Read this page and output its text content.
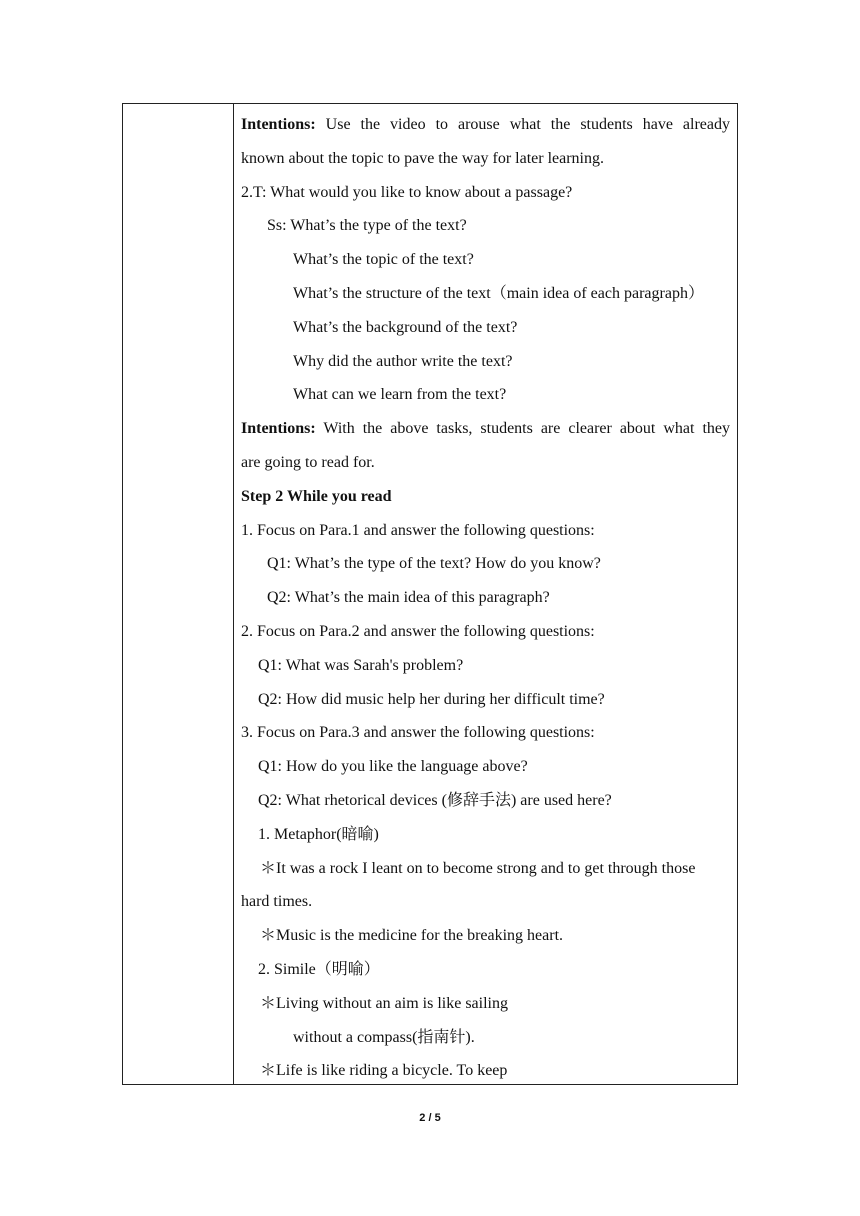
Intentions: Use the video to arouse what the students have already
known about the topic to pave the way for later learning.
2.T: What would you like to know about a passage?
Ss: What’s the type of the text?
What’s the topic of the text?
What’s the structure of the text（main idea of each paragraph）
What’s the background of the text?
Why did the author write the text?
What can we learn from the text?
Intentions: With the above tasks, students are clearer about what they
are going to read for.
Step 2 While you read
1. Focus on Para.1 and answer the following questions:
Q1: What’s the type of the text? How do you know?
Q2: What’s the main idea of this paragraph?
2. Focus on Para.2 and answer the following questions:
Q1: What was Sarah's problem?
Q2: How did music help her during her difficult time?
3. Focus on Para.3 and answer the following questions:
Q1: How do you like the language above?
Q2: What rhetorical devices (修辞手法) are used here?
1. Metaphor(暗喻)
＊It was a rock I leant on to become strong and to get through those
hard times.
＊Music is the medicine for the breaking heart.
2. Simile（明喻）
＊Living without an aim is like sailing
without a compass(指南针).
＊Life is like riding a bicycle. To keep
2 / 5
